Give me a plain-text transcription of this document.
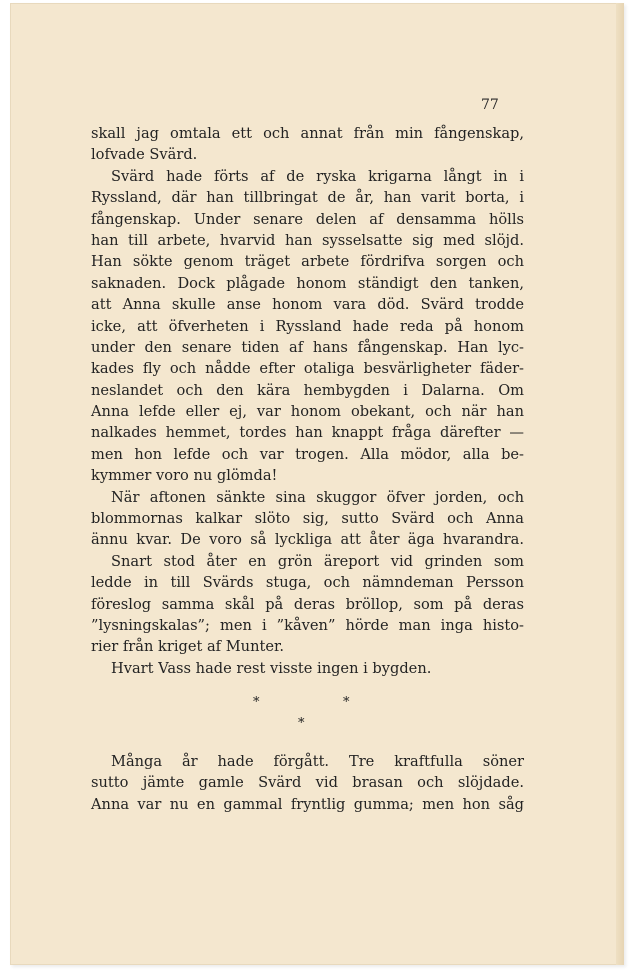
77
skall jag omtala ett och annat från min fångenskap,
lofvade Svärd.
Svärd hade förts af de ryska krigarna långt in i
Ryssland, där han tillbringat de år, han varit borta, i
fångenskap. Under senare delen af densamma hölls
han till arbete, hvarvid han sysselsatte sig med slöjd.
Han sökte genom träget arbete fördrifva sorgen och
saknaden. Dock plågade honom ständigt den tanken,
att Anna skulle anse honom vara död. Svärd trodde
icke, att öfverheten i Ryssland hade reda på honom
under den senare tiden af hans fångenskap. Han lyc-
kades fly och nådde efter otaliga besvärligheter fäder-
neslandet och den kära hembygden i Dalarna. Om
Anna lefde eller ej, var honom obekant, och när han
nalkades hemmet, tordes han knappt fråga därefter —
men hon lefde och var trogen. Alla mödor, alla be-
kymmer voro nu glömda!
När aftonen sänkte sina skuggor öfver jorden, och
blommornas kalkar slöto sig, sutto Svärd och Anna
ännu kvar. De voro så lyckliga att åter äga hvarandra.
Snart stod åter en grön äreport vid grinden som
ledde in till Svärds stuga, och nämndeman Persson
föreslog samma skål på deras bröllop, som på deras
”lysningskalas”; men i ”kåven” hörde man inga histo-
rier från kriget af Munter.
Hvart Vass hade rest visste ingen i bygden.
*	*
*
Många år hade förgått. Tre kraftfulla söner
sutto jämte gamle Svärd vid brasan och slöjdade.
Anna var nu en gammal fryntlig gumma; men hon såg
